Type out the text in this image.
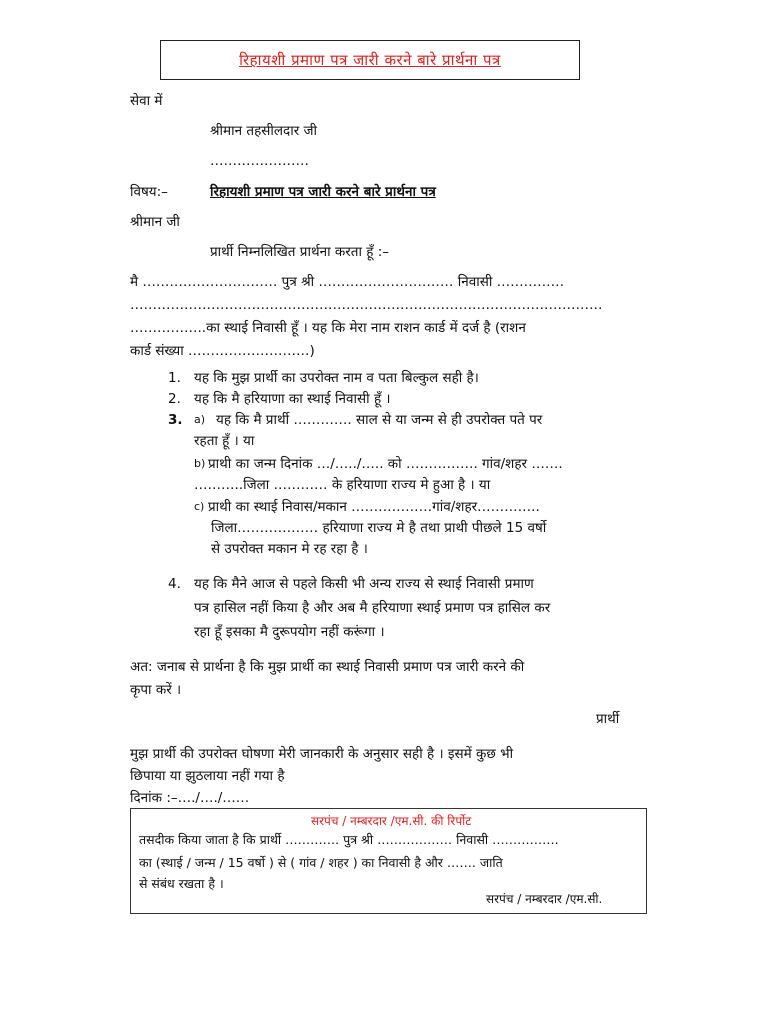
रिहायशी प्रमाण पत्र जारी करने बारे प्रार्थना पत्र
सेवा में
श्रीमान तहसीलदार जी
………………….
विषय:–	रिहायशी प्रमाण पत्र जारी करने बारे प्रार्थना पत्र
श्रीमान जी
प्रार्थी निम्नलिखित प्रार्थना करता हूँ :–
मै ………………………… पुत्र श्री ………………………… निवासी ……………
……………………………………………………………………………………………
……………..का स्थाई निवासी हूँ । यह कि मेरा नाम राशन कार्ड में दर्ज है (राशन
कार्ड संख्या ………………………)
1. यह कि मुझ प्रार्थी का उपरोक्त नाम व पता बिल्कुल सही है।
2. यह कि मै हरियाणा का स्थाई निवासी हूँ ।
3. a) यह कि मै प्रार्थी …………. साल से या जन्म से ही उपरोक्त पते पर
रहता हूँ । या
b) प्राथी का जन्म दिनांक …/…../….. को ……………. गांव/शहर …….
………..जिला ………… के हरियाणा राज्य मे हुआ है । या
c) प्राथी का स्थाई निवास/मकान ………………गांव/शहर…………..
जिला……………… हरियाणा राज्य मे है तथा प्राथी पीछले 15 वर्षो
से उपरोक्त मकान मे रह रहा है ।
4. यह कि मैने आज से पहले किसी भी अन्य राज्य से स्थाई निवासी प्रमाण
पत्र हासिल नहीं किया है और अब मै हरियाणा स्थाई प्रमाण पत्र हासिल कर
रहा हूँ इसका मै दुरूपयोग नहीं करूंगा ।
अत: जनाब से प्रार्थना है कि मुझ प्रार्थी का स्थाई निवासी प्रमाण पत्र जारी करने की
कृपा करें ।
प्रार्थी
मुझ प्रार्थी की उपरोक्त घोषणा मेरी जानकारी के अनुसार सही है । इसमें कुछ भी
छिपाया या झुठलाया नहीं गया है
दिनांक :–…./…./……
सरपंच / नम्बरदार /एम.सी. की रिर्पोट
तसदीक किया जाता है कि प्रार्थी …………. पुत्र श्री ……………… निवासी …………….
का (स्थाई / जन्म / 15 वर्षो ) से ( गांव / शहर ) का निवासी है और ……. जाति
से संबंध रखता है ।
सरपंच / नम्बरदार /एम.सी.
